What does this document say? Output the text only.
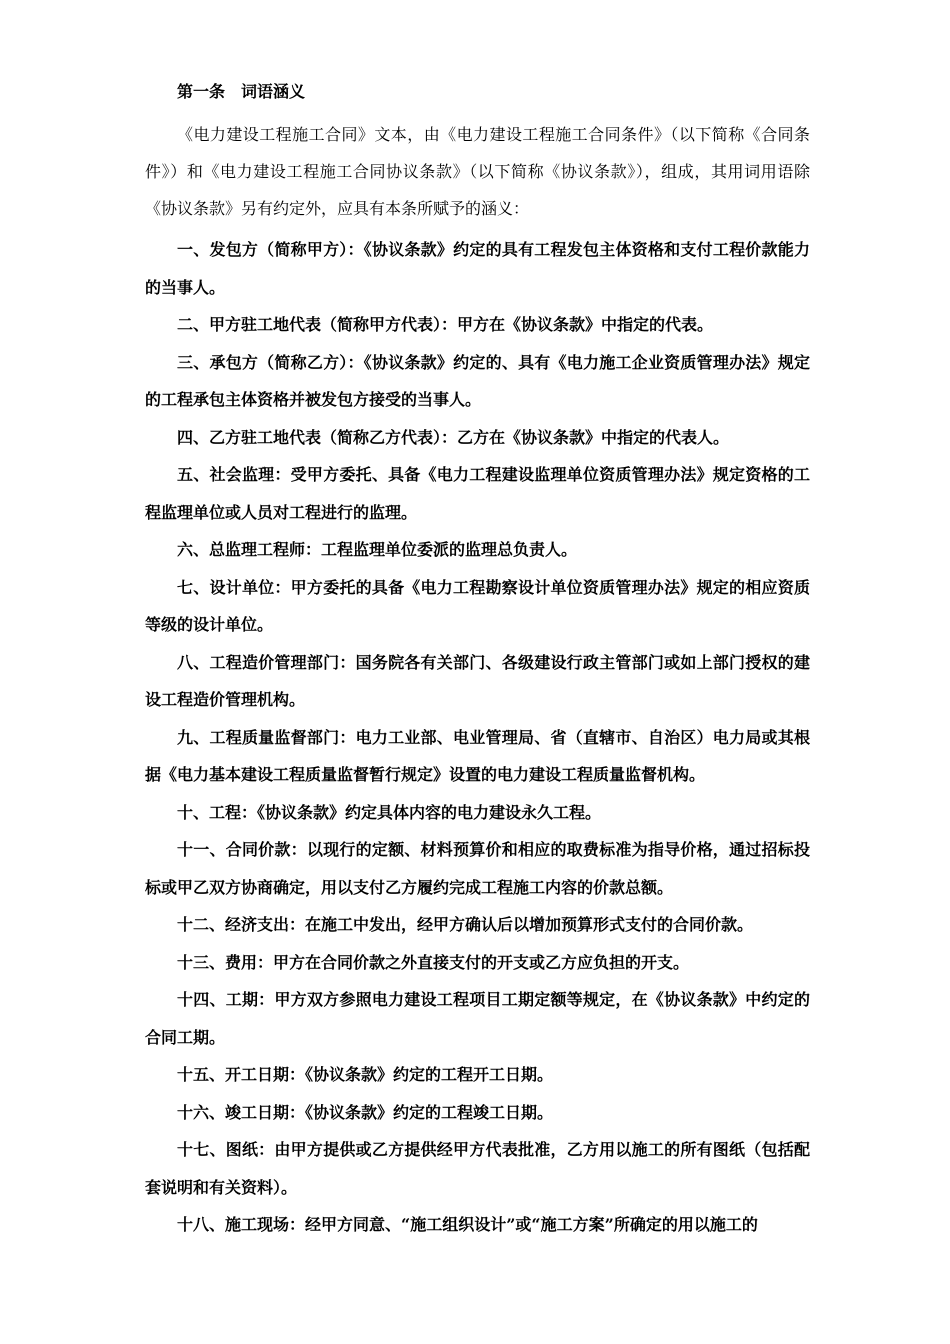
第一条　词语涵义

《电力建设工程施工合同》文本，由《电力建设工程施工合同条件》（以下简称《合同条件》）和《电力建设工程施工合同协议条款》（以下简称《协议条款》），组成，其用词用语除《协议条款》另有约定外，应具有本条所赋予的涵义：

一、发包方（简称甲方）：《协议条款》约定的具有工程发包主体资格和支付工程价款能力的当事人。

二、甲方驻工地代表（简称甲方代表）：甲方在《协议条款》中指定的代表。

三、承包方（简称乙方）：《协议条款》约定的、具有《电力施工企业资质管理办法》规定的工程承包主体资格并被发包方接受的当事人。

四、乙方驻工地代表（简称乙方代表）：乙方在《协议条款》中指定的代表人。

五、社会监理：受甲方委托、具备《电力工程建设监理单位资质管理办法》规定资格的工程监理单位或人员对工程进行的监理。

六、总监理工程师：工程监理单位委派的监理总负责人。

七、设计单位：甲方委托的具备《电力工程勘察设计单位资质管理办法》规定的相应资质等级的设计单位。

八、工程造价管理部门：国务院各有关部门、各级建设行政主管部门或如上部门授权的建设工程造价管理机构。

九、工程质量监督部门：电力工业部、电业管理局、省（直辖市、自治区）电力局或其根据《电力基本建设工程质量监督暂行规定》设置的电力建设工程质量监督机构。

十、工程：《协议条款》约定具体内容的电力建设永久工程。

十一、合同价款：以现行的定额、材料预算价和相应的取费标准为指导价格，通过招标投标或甲乙双方协商确定，用以支付乙方履约完成工程施工内容的价款总额。

十二、经济支出：在施工中发出，经甲方确认后以增加预算形式支付的合同价款。

十三、费用：甲方在合同价款之外直接支付的开支或乙方应负担的开支。

十四、工期：甲方双方参照电力建设工程项目工期定额等规定，在《协议条款》中约定的合同工期。

十五、开工日期：《协议条款》约定的工程开工日期。

十六、竣工日期：《协议条款》约定的工程竣工日期。

十七、图纸：由甲方提供或乙方提供经甲方代表批准，乙方用以施工的所有图纸（包括配套说明和有关资料）。

十八、施工现场：经甲方同意、“施工组织设计”或“施工方案”所确定的用以施工的
